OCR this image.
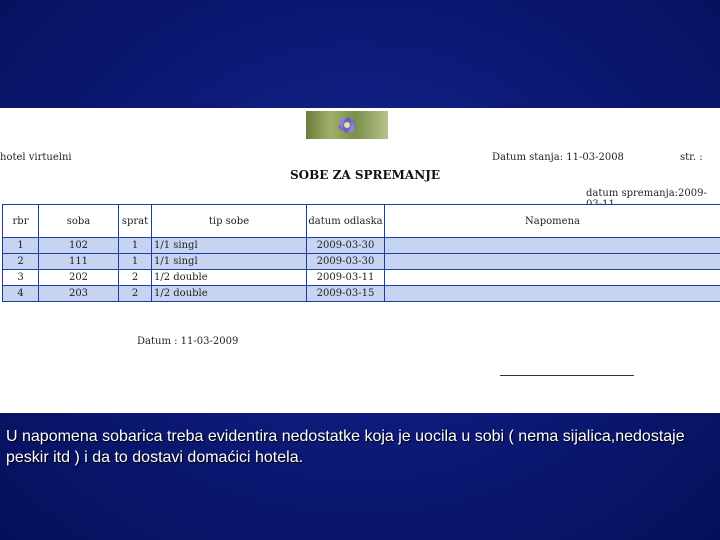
hotel virtuelni	Datum stanja: 11-03-2008	str. :
SOBE ZA SPREMANJE
datum spremanja:2009-
rbr	soba	sprat	tip sobe	datum odlaska	Napomena
1	102	1	1/1 singl	2009-03-30	
2	111	1	1/1 singl	2009-03-30	
3	202	2	1/2 double	2009-03-11	
4	203	2	1/2 double	2009-03-15	
Datum : 11-03-2009
U napomena sobarica treba evidentira nedostatke koja je uocila u sobi ( nema sijalica,nedostaje peskir itd ) i da to dostavi domaćici hotela.
